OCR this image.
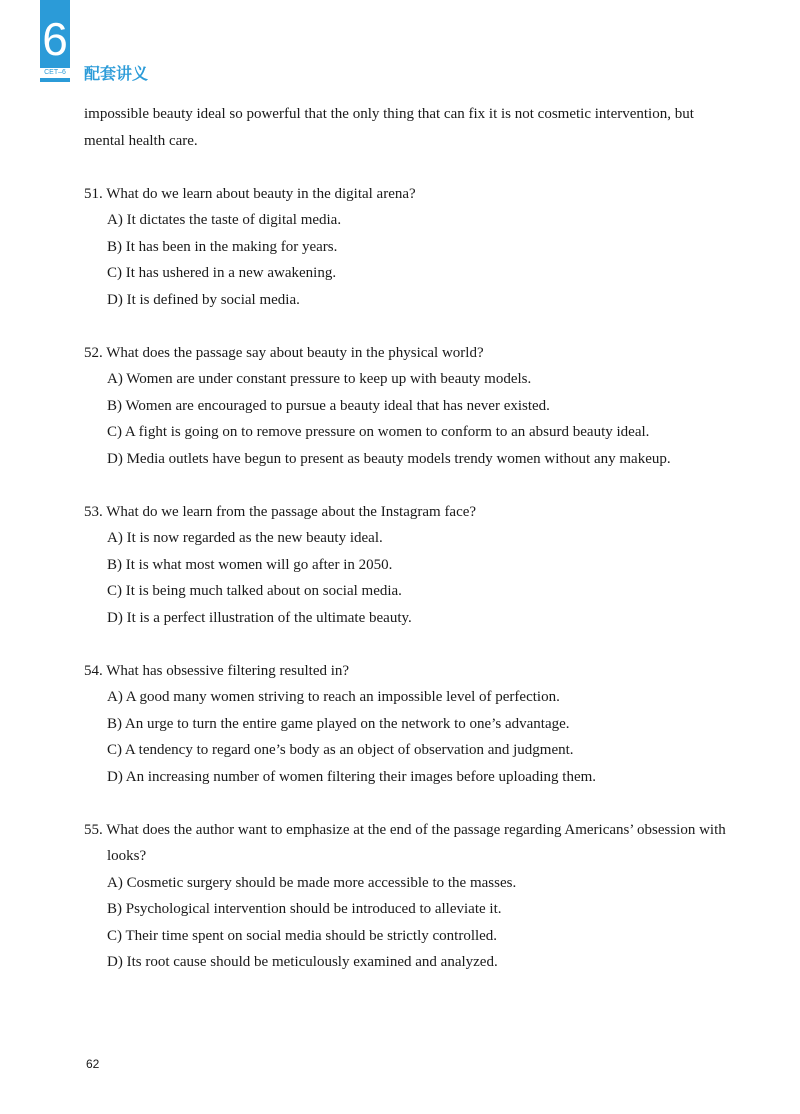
6
CET–6 配套讲义

impossible beauty ideal so powerful that the only thing that can fix it is not cosmetic intervention, but mental health care.

51. What do we learn about beauty in the digital arena?
A) It dictates the taste of digital media.
B) It has been in the making for years.
C) It has ushered in a new awakening.
D) It is defined by social media.
52. What does the passage say about beauty in the physical world?
A) Women are under constant pressure to keep up with beauty models.
B) Women are encouraged to pursue a beauty ideal that has never existed.
C) A fight is going on to remove pressure on women to conform to an absurd beauty ideal.
D) Media outlets have begun to present as beauty models trendy women without any makeup.
53. What do we learn from the passage about the Instagram face?
A) It is now regarded as the new beauty ideal.
B) It is what most women will go after in 2050.
C) It is being much talked about on social media.
D) It is a perfect illustration of the ultimate beauty.
54. What has obsessive filtering resulted in?
A) A good many women striving to reach an impossible level of perfection.
B) An urge to turn the entire game played on the network to one’s advantage.
C) A tendency to regard one’s body as an object of observation and judgment.
D) An increasing number of women filtering their images before uploading them.
55. What does the author want to emphasize at the end of the passage regarding Americans’ obsession with looks?
A) Cosmetic surgery should be made more accessible to the masses.
B) Psychological intervention should be introduced to alleviate it.
C) Their time spent on social media should be strictly controlled.
D) Its root cause should be meticulously examined and analyzed.
62
